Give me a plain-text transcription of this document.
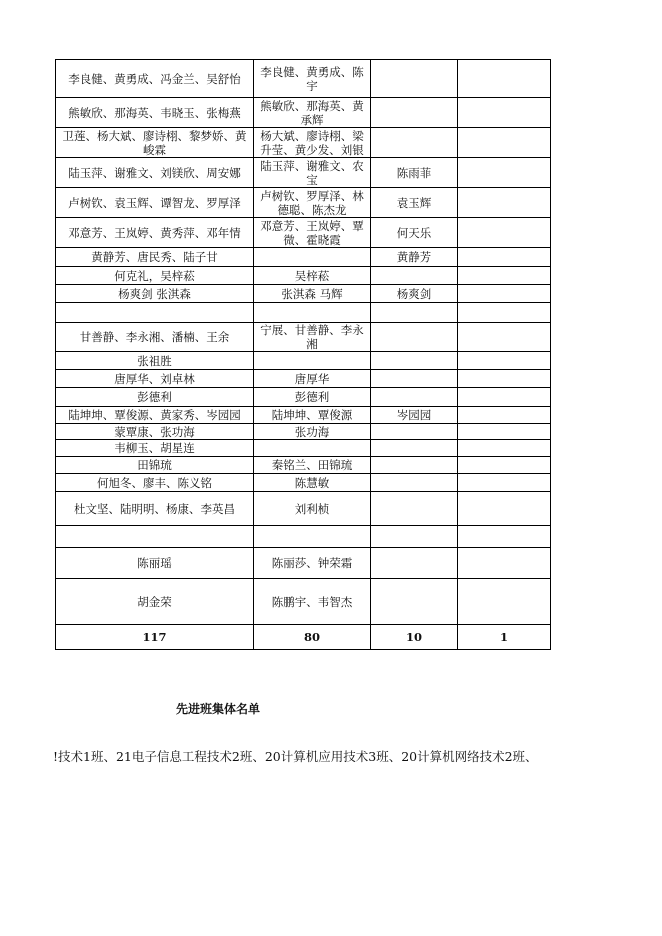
李良健、黄勇成、冯金兰、吴舒怡	李良健、黄勇成、陈宇		
熊敏欣、那海英、韦晓玉、张梅燕	熊敏欣、那海英、黄承辉		
卫莲、杨大斌、廖诗栩、黎梦娇、黄峻霖	杨大斌、廖诗栩、梁升莹、黄少发、刘银		
陆玉萍、谢雅文、刘镁欣、周安娜	陆玉萍、谢雅文、农宝	陈雨菲	
卢树钦、袁玉辉、谭智龙、罗厚泽	卢树钦、罗厚泽、林德聪、陈杰龙	袁玉辉	
邓意芳、王岚婷、黄秀萍、邓年情	邓意芳、王岚婷、覃微、霍晓霞	何天乐	
黄静芳、唐民秀、陆子甘		黄静芳	
何克礼，吴梓菘	吴梓菘		
杨爽剑 张淇森	张淇森 马辉	杨爽剑	

甘善静、李永湘、潘楠、王余	宁展、甘善静、李永湘		
张祖胜			
唐厚华、刘卓林	唐厚华		
彭德利	彭德利		
陆坤坤、覃俊源、黄家秀、岑园园	陆坤坤、覃俊源	岑园园	
蒙覃康、张功海	张功海		
韦柳玉、胡星连			
田锦琉	秦铭兰、田锦琉		
何旭冬、廖丰、陈义铭	陈慧敏		
杜文坚、陆明明、杨康、李英昌	刘利桢		

陈丽瑶	陈丽莎、钟荣霜		
胡金荣	陈鹏宇、韦智杰		
117	80	10	1
先进班集体名单
!技术1班、21电子信息工程技术2班、20计算机应用技术3班、20计算机网络技术2班、
